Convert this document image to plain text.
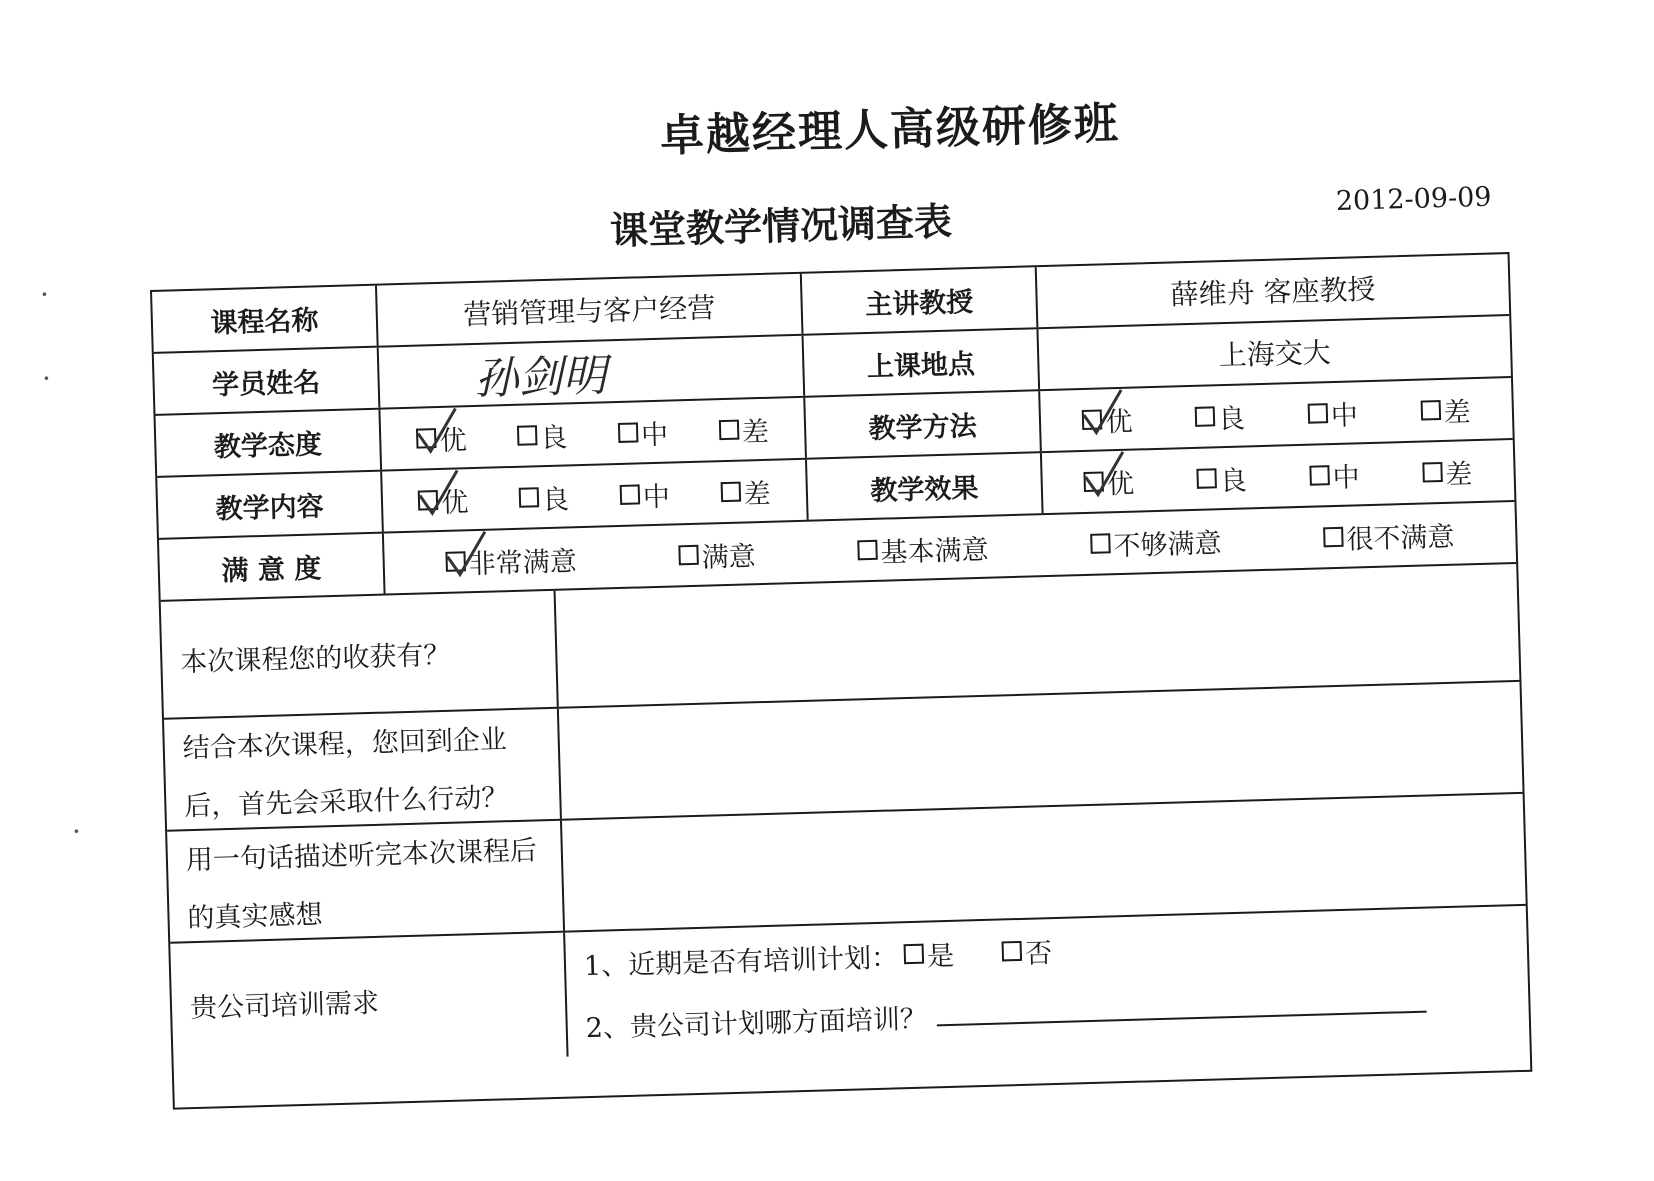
卓越经理人高级研修班
课堂教学情况调查表
2012-09-09
课程名称	营销管理与客户经营	主讲教授	薛维舟 客座教授
学员姓名	孙剑明	上课地点	上海交大
教学态度	优	良	中	差	教学方法	优	良	中	差
教学内容	优	良	中	差	教学效果	优	良	中	差
满 意 度	非常满意	满意	基本满意	不够满意	很不满意
本次课程您的收获有？
结合本次课程，您回到企业后，首先会采取什么行动？
用一句话描述听完本次课程后的真实感想
贵公司培训需求
1、近期是否有培训计划： 是	否
2、贵公司计划哪方面培训？
·
·
·
